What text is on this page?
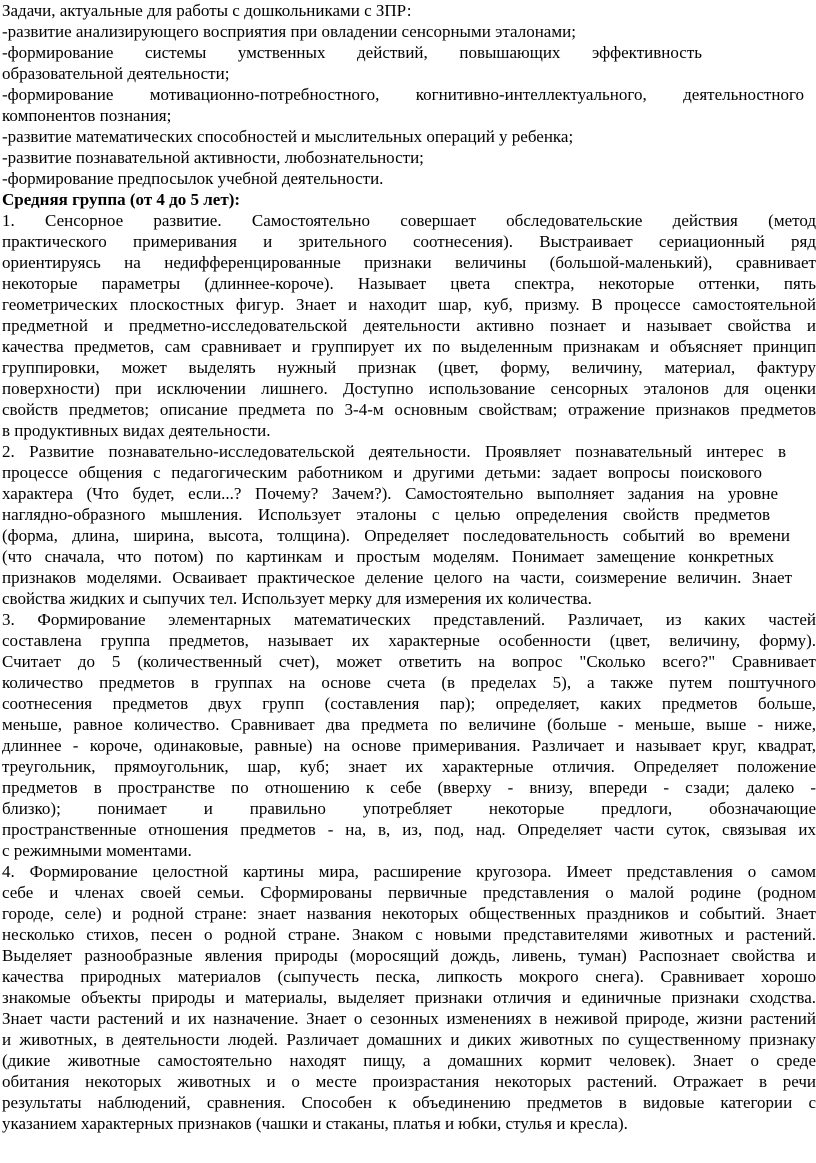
Задачи, актуальные для работы с дошкольниками с ЗПР:

-развитие анализирующего восприятия при овладении сенсорными эталонами;

-формирование системы умственных действий, повышающих эффективность

образовательной деятельности;

-формирование мотивационно-потребностного, когнитивно-интеллектуального, деятельностного

компонентов познания;

-развитие математических способностей и мыслительных операций у ребенка;

-развитие познавательной активности, любознательности;

-формирование предпосылок учебной деятельности.

Средняя группа (от 4 до 5 лет):

1. Сенсорное развитие. Самостоятельно совершает обследовательские действия (метод

практического примеривания и зрительного соотнесения). Выстраивает сериационный ряд

ориентируясь на недифференцированные признаки величины (большой-маленький), сравнивает

некоторые параметры (длиннее-короче). Называет цвета спектра, некоторые оттенки, пять

геометрических плоскостных фигур. Знает и находит шар, куб, призму. В процессе самостоятельной

предметной и предметно-исследовательской деятельности активно познает и называет свойства и

качества предметов, сам сравнивает и группирует их по выделенным признакам и объясняет принцип

группировки, может выделять нужный признак (цвет, форму, величину, материал, фактуру

поверхности) при исключении лишнего. Доступно использование сенсорных эталонов для оценки

свойств предметов; описание предмета по 3-4-м основным свойствам; отражение признаков предметов

в продуктивных видах деятельности.

2. Развитие познавательно-исследовательской деятельности. Проявляет познавательный интерес в

процессе общения с педагогическим работником и другими детьми: задает вопросы поискового

характера (Что будет, если...? Почему? Зачем?). Самостоятельно выполняет задания на уровне

наглядно-образного мышления. Использует эталоны с целью определения свойств предметов

(форма, длина, ширина, высота, толщина). Определяет последовательность событий во времени

(что сначала, что потом) по картинкам и простым моделям. Понимает замещение конкретных

признаков моделями. Осваивает практическое деление целого на части, соизмерение величин. Знает

свойства жидких и сыпучих тел. Использует мерку для измерения их количества.

3. Формирование элементарных математических представлений. Различает, из каких частей

составлена группа предметов, называет их характерные особенности (цвет, величину, форму).

Считает до 5 (количественный счет), может ответить на вопрос "Сколько всего?" Сравнивает

количество предметов в группах на основе счета (в пределах 5), а также путем поштучного

соотнесения предметов двух групп (составления пар); определяет, каких предметов больше,

меньше, равное количество. Сравнивает два предмета по величине (больше - меньше, выше - ниже,

длиннее - короче, одинаковые, равные) на основе примеривания. Различает и называет круг, квадрат,

треугольник, прямоугольник, шар, куб; знает их характерные отличия. Определяет положение

предметов в пространстве по отношению к себе (вверху - внизу, впереди - сзади; далеко -

близко); понимает и правильно употребляет некоторые предлоги, обозначающие

пространственные отношения предметов - на, в, из, под, над. Определяет части суток, связывая их

с режимными моментами.

4. Формирование целостной картины мира, расширение кругозора. Имеет представления о самом

себе и членах своей семьи. Сформированы первичные представления о малой родине (родном

городе, селе) и родной стране: знает названия некоторых общественных праздников и событий. Знает

несколько стихов, песен о родной стране. Знаком с новыми представителями животных и растений.

Выделяет разнообразные явления природы (моросящий дождь, ливень, туман) Распознает свойства и

качества природных материалов (сыпучесть песка, липкость мокрого снега). Сравнивает хорошо

знакомые объекты природы и материалы, выделяет признаки отличия и единичные признаки сходства.

Знает части растений и их назначение. Знает о сезонных изменениях в неживой природе, жизни растений

и животных, в деятельности людей. Различает домашних и диких животных по существенному признаку

(дикие животные самостоятельно находят пищу, а домашних кормит человек). Знает о среде

обитания некоторых животных и о месте произрастания некоторых растений. Отражает в речи

результаты наблюдений, сравнения. Способен к объединению предметов в видовые категории с

указанием характерных признаков (чашки и стаканы, платья и юбки, стулья и кресла).
